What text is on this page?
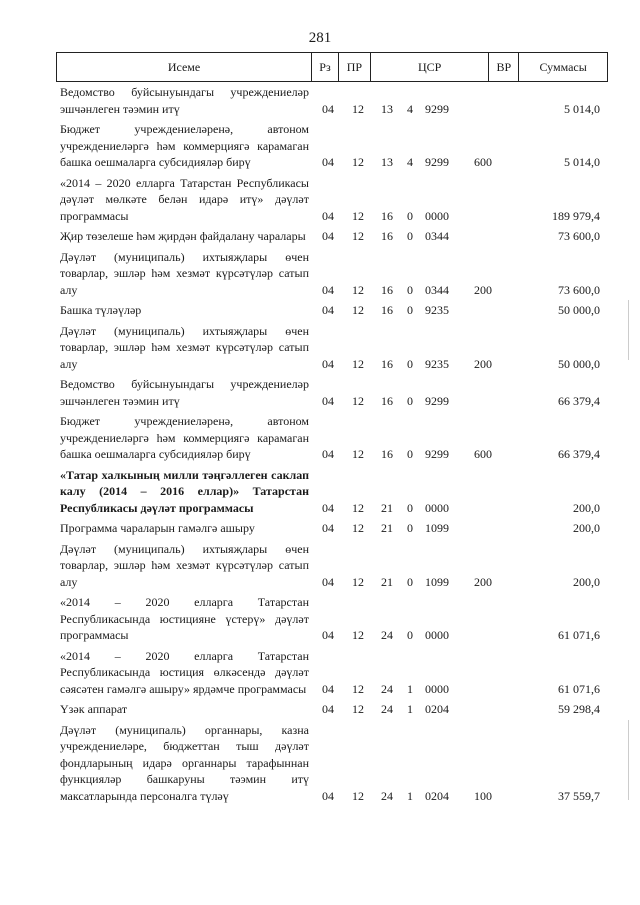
281
Исеме	Рз	ПР	ЦСР	ВР	Суммасы
Ведомство буйсынуындагы учреждениеләр эшчәнлеген тәэмин итү	04	12	13	4	9299	5 014,0
Бюджет учреждениеләренә, автоном учреждениеләргә һәм коммерциягә карамаган башка оешмаларга субсидияләр бирү	04	12	13	4	9299	600	5 014,0
«2014 – 2020 елларга Татарстан Республикасы дәүләт мөлкәте белән идарә итү» дәүләт программасы	04	12	16	0	0000	189 979,4
Җир төзелеше һәм җирдән файдалану чаралары	04	12	16	0	0344	73 600,0
Дәүләт (муниципаль) ихтыяҗлары өчен товарлар, эшләр һәм хезмәт күрсәтүләр сатып алу	04	12	16	0	0344	200	73 600,0
Башка түләүләр	04	12	16	0	9235	50 000,0
Дәүләт (муниципаль) ихтыяҗлары өчен товарлар, эшләр һәм хезмәт күрсәтүләр сатып алу	04	12	16	0	9235	200	50 000,0
Ведомство буйсынуындагы учреждениеләр эшчәнлеген тәэмин итү	04	12	16	0	9299	66 379,4
Бюджет учреждениеләренә, автоном учреждениеләргә һәм коммерциягә карамаган башка оешмаларга субсидияләр бирү	04	12	16	0	9299	600	66 379,4
«Татар халкының милли тәңгәллеген саклап калу (2014 – 2016 еллар)» Татарстан Республикасы дәүләт программасы	04	12	21	0	0000	200,0
Программа чараларын гамәлгә ашыру	04	12	21	0	1099	200,0
Дәүләт (муниципаль) ихтыяҗлары өчен товарлар, эшләр һәм хезмәт күрсәтүләр сатып алу	04	12	21	0	1099	200	200,0
«2014 – 2020 елларга Татарстан Республикасында юстицияне үстерү» дәүләт программасы	04	12	24	0	0000	61 071,6
«2014 – 2020 елларга Татарстан Республикасында юстиция өлкәсендә дәүләт сәясәтен гамәлгә ашыру» ярдәмче программасы	04	12	24	1	0000	61 071,6
Үзәк аппарат	04	12	24	1	0204	59 298,4
Дәүләт (муниципаль) органнары, казна учреждениеләре, бюджеттан тыш дәүләт фондларының идарә органнары тарафыннан функцияләр башкаруны тәэмин итү максатларында персоналга түләү	04	12	24	1	0204	100	37 559,7
